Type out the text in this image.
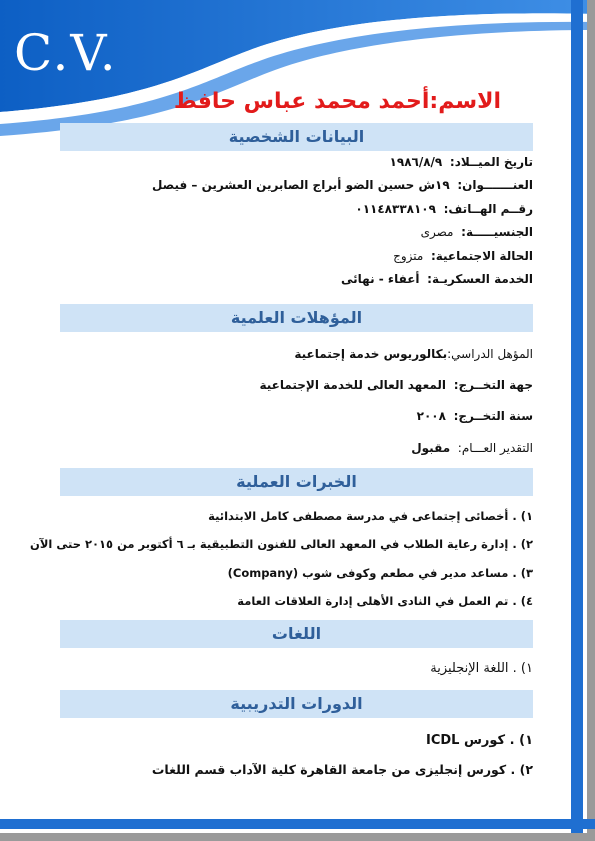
C.V.
الاسم:أحمد محمد عباس حافظ
البيانات الشخصية
تاريخ الميــلاد:  ١٩٨٦/٨/٩
العنـــــــوان:  ١٩ش حسين الضو أبراج الصابرين العشرين – فيصل
رقــم الهــاتف:  ٠١١٤٨٣٣٨١٠٩
الجنسيـــــة:  مصرى
الحالة الاجتماعية:  متزوج
الخدمة العسكريـة:  أعفاء - نهائى
المؤهلات العلمية
المؤهل الدراسي:بكالوريوس خدمة إجتماعية
جهة التخــرج:  المعهد العالى للخدمة الإجتماعية
سنة التخــرج:  ٢٠٠٨
التقدير العـــام:  مقبول
الخبرات العملية
١) . أخصائى إجتماعى في مدرسة مصطفى كامل الابتدائية
٢) . إدارة رعاية الطلاب في المعهد العالى للفنون التطبيقية بـ ٦ أكتوبر من ٢٠١٥ حتى الآن
٣) . مساعد مدير في مطعم وكوفى شوب (Company)
٤) . تم العمل في النادى الأهلى إدارة العلاقات العامة
اللغات
١) . اللغة الإنجليزية
الدورات التدريبية
١) . كورس ICDL
٢) . كورس إنجليزى من جامعة القاهرة كلية الآداب قسم اللغات
